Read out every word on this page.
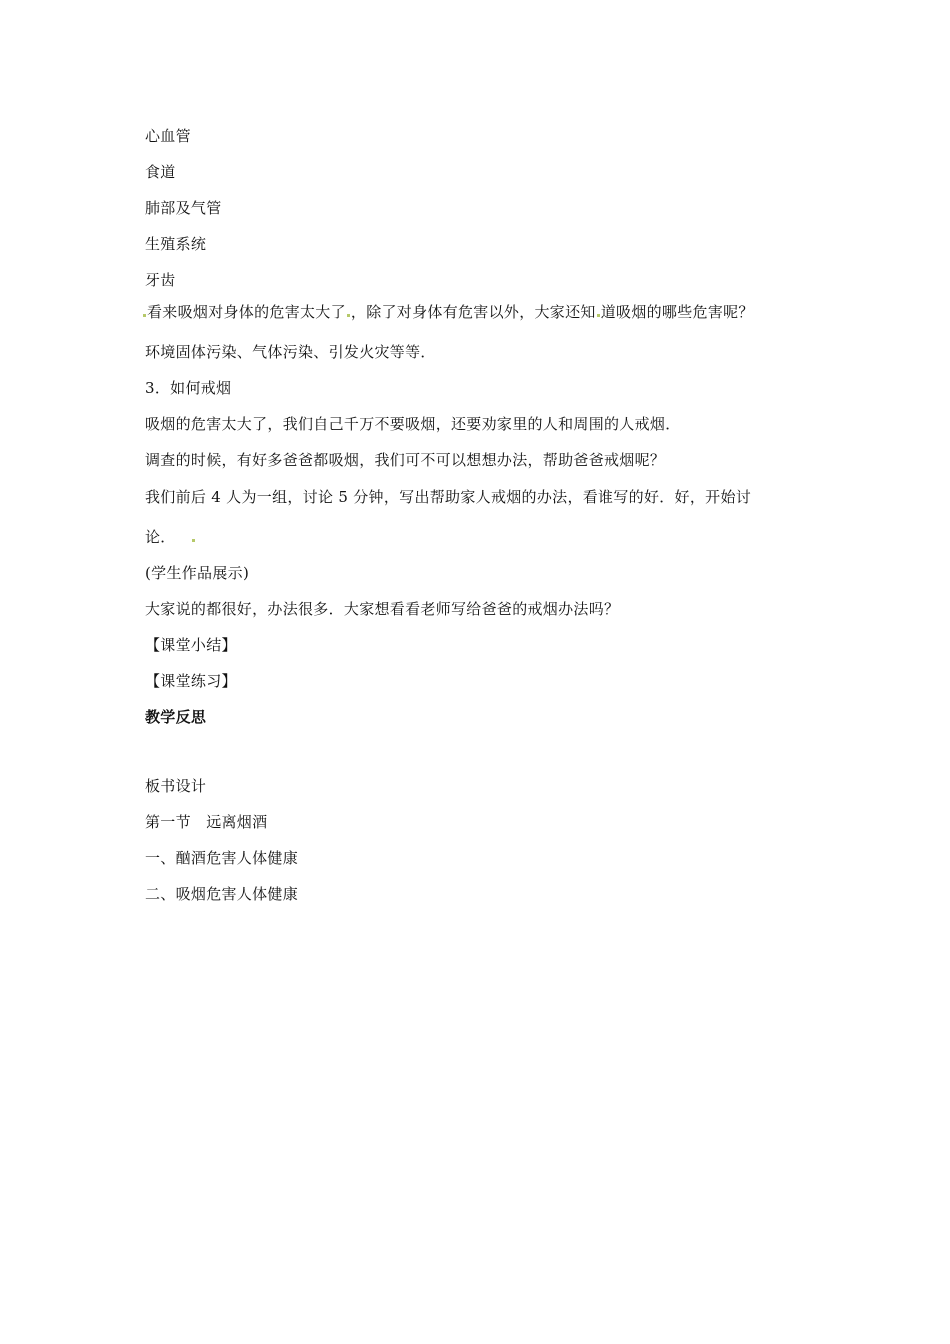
心血管
食道
肺部及气管
生殖系统
牙齿
看来吸烟对身体的危害太大了 ，除了对身体有危害以外，大家还知 道吸烟的哪些危害呢？
环境固体污染、气体污染、引发火灾等等．
3．如何戒烟
吸烟的危害太大了，我们自己千万不要吸烟，还要劝家里的人和周围的人戒烟．
调查的时候，有好多爸爸都吸烟，我们可不可以想想办法，帮助爸爸戒烟呢？
我们前后 4 人为一组，讨论 5 分钟，写出帮助家人戒烟的办法，看谁写的好．好，开始讨
论．
(学生作品展示)
大家说的都很好，办法很多．大家想看看老师写给爸爸的戒烟办法吗？
【课堂小结】
【课堂练习】
教学反思
板书设计
第一节　远离烟酒
一、酗酒危害人体健康
二、吸烟危害人体健康
